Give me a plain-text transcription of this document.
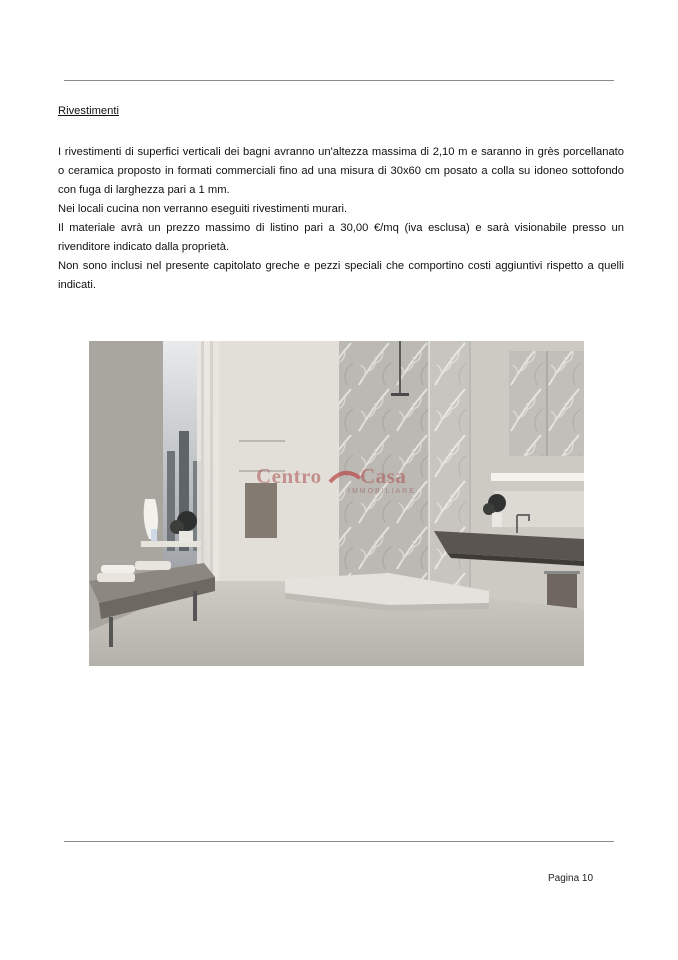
Rivestimenti

I rivestimenti di superfici verticali dei bagni avranno un'altezza massima di 2,10 m e saranno in grès porcellanato

o ceramica proposto in formati commerciali fino ad una misura di 30x60 cm posato a colla su idoneo sottofondo

con fuga di larghezza pari a 1 mm.

Nei locali cucina non verranno eseguiti rivestimenti murari.

Il materiale avrà un prezzo massimo di listino pari a 30,00 €/mq (iva esclusa) e sarà visionabile presso un

rivenditore indicato dalla proprietà.

Non sono inclusi nel presente capitolato greche e pezzi speciali che comportino costi aggiuntivi rispetto a quelli

indicati.

Centro Casa
IMMOBILIARE
Pagina 10
